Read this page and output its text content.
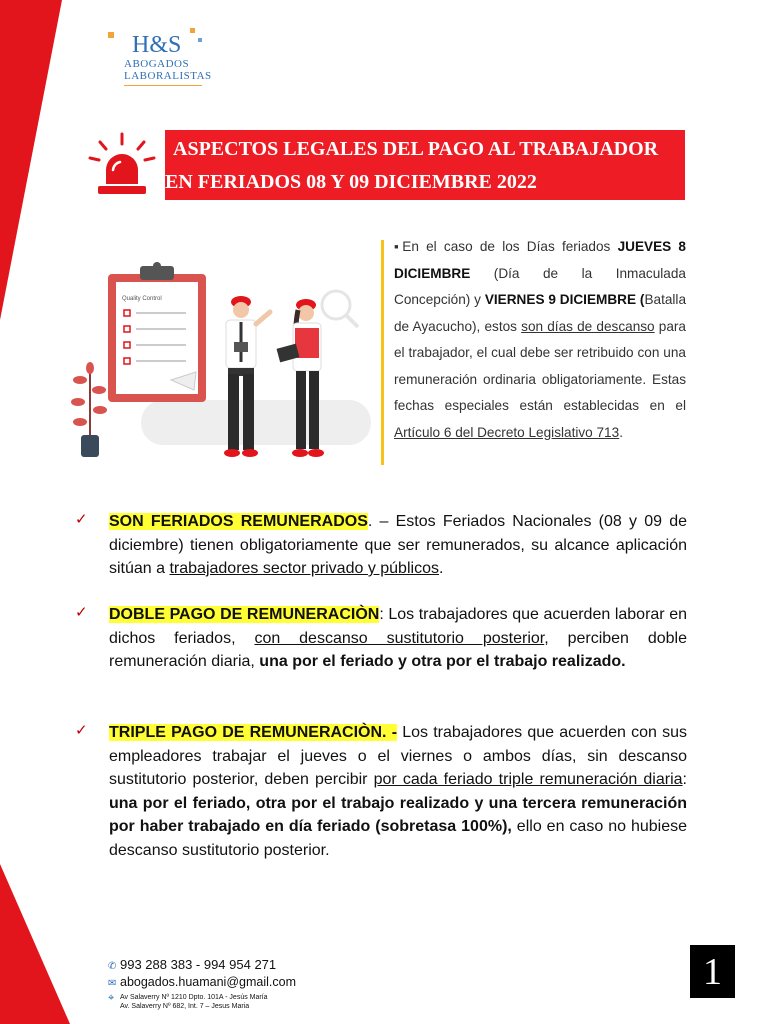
H&S
ABOGADOS
LABORALISTAS
ASPECTOS LEGALES DEL PAGO AL TRABAJADOR
EN FERIADOS 08 Y 09 DICIEMBRE 2022
Quality Control
▪En el caso de los Días feriados JUEVES 8 DICIEMBRE (Día de la Inmaculada Concepción) y VIERNES 9 DICIEMBRE (Batalla de Ayacucho), estos son días de descanso para el trabajador, el cual debe ser retribuido con una remuneración ordinaria obligatoriamente. Estas fechas especiales están establecidas en el Artículo 6 del Decreto Legislativo 713.
✓ SON FERIADOS REMUNERADOS. – Estos Feriados Nacionales (08 y 09 de diciembre) tienen obligatoriamente que ser remunerados, su alcance aplicación sitúan a trabajadores sector privado y públicos.
✓ DOBLE PAGO DE REMUNERACIÒN: Los trabajadores que acuerden laborar en dichos feriados, con descanso sustitutorio posterior, perciben doble remuneración diaria, una por el feriado y otra por el trabajo realizado.
✓ TRIPLE PAGO DE REMUNERACIÒN. - Los trabajadores que acuerden con sus empleadores trabajar el jueves o el viernes o ambos días, sin descanso sustitutorio posterior, deben percibir por cada feriado triple remuneración diaria: una por el feriado, otra por el trabajo realizado y una tercera remuneración por haber trabajado en día feriado (sobretasa 100%), ello en caso no hubiese descanso sustitutorio posterior.
✆ 993 288 383 - 994 954 271
✉ abogados.huamani@gmail.com
⌖ Av Salaverry Nº 1210 Dpto. 101A - Jesús María
Av. Salaverry Nº 682, Int. 7 – Jesus Maria
1
